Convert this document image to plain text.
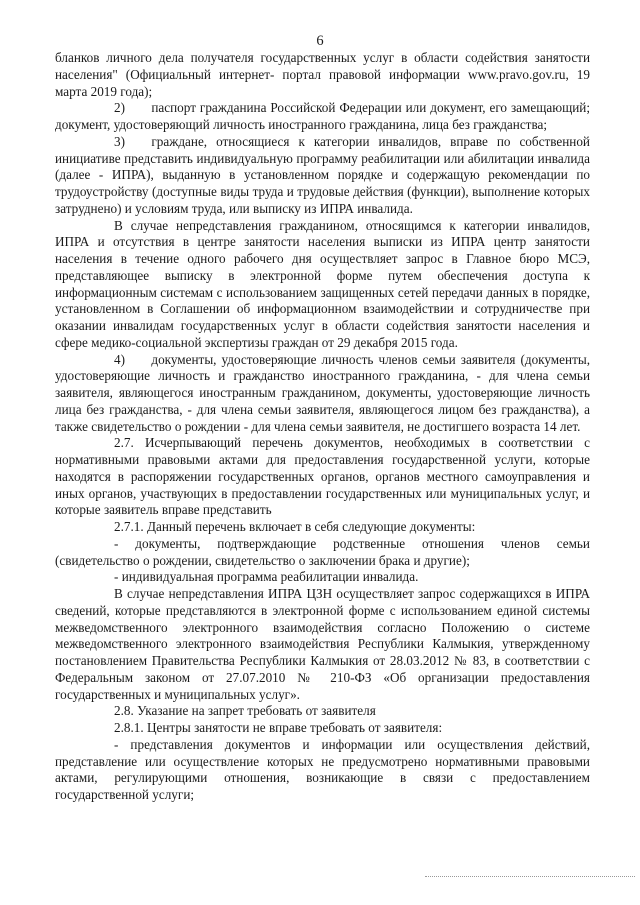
6

бланков личного дела получателя государственных услуг в области содействия занятости населения" (Официальный интернет- портал правовой информации www.pravo.gov.ru, 19 марта 2019 года);

2)  паспорт гражданина Российской Федерации или документ, его замещающий; документ, удостоверяющий личность иностранного гражданина, лица без гражданства;

3)  граждане, относящиеся к категории инвалидов, вправе по собственной инициативе представить индивидуальную программу реабилитации или абилитации инвалида (далее - ИПРА), выданную в установленном порядке и содержащую рекомендации по трудоустройству (доступные виды труда и трудовые действия (функции), выполнение которых затруднено) и условиям труда, или выписку из ИПРА инвалида.

В случае непредставления гражданином, относящимся к категории инвалидов, ИПРА и отсутствия в центре занятости населения выписки из ИПРА центр занятости населения в течение одного рабочего дня осуществляет запрос в Главное бюро МСЭ, представляющее выписку в электронной форме путем обеспечения доступа к информационным системам с использованием защищенных сетей передачи данных в порядке, установленном в Соглашении об информационном взаимодействии и сотрудничестве при оказании инвалидам государственных услуг в области содействия занятости населения и сфере медико-социальной экспертизы граждан от 29 декабря 2015 года.

4)  документы, удостоверяющие личность членов семьи заявителя (документы, удостоверяющие личность и гражданство иностранного гражданина, - для члена семьи заявителя, являющегося иностранным гражданином, документы, удостоверяющие личность лица без гражданства, - для члена семьи заявителя, являющегося лицом без гражданства), а также свидетельство о рождении - для члена семьи заявителя, не достигшего возраста 14 лет.

2.7. Исчерпывающий перечень документов, необходимых в соответствии с нормативными правовыми актами для предоставления государственной услуги, которые находятся в распоряжении государственных органов, органов местного самоуправления и иных органов, участвующих в предоставлении государственных или муниципальных услуг, и которые заявитель вправе представить

2.7.1. Данный перечень включает в себя следующие документы:

- документы, подтверждающие родственные отношения членов семьи (свидетельство о рождении, свидетельство о заключении брака и другие);

- индивидуальная программа реабилитации инвалида.

В случае непредставления ИПРА ЦЗН осуществляет запрос содержащихся в ИПРА сведений, которые представляются в электронной форме с использованием единой системы межведомственного электронного взаимодействия согласно Положению о системе межведомственного электронного взаимодействия Республики Калмыкия, утвержденному постановлением Правительства Республики Калмыкия от 28.03.2012 № 83, в соответствии с Федеральным законом от 27.07.2010 № 210-ФЗ «Об организации предоставления государственных и муниципальных услуг».

2.8. Указание на запрет требовать от заявителя

2.8.1. Центры занятости не вправе требовать от заявителя:

- представления документов и информации или осуществления действий, представление или осуществление которых не предусмотрено нормативными правовыми актами, регулирующими отношения, возникающие в связи с предоставлением государственной услуги;
